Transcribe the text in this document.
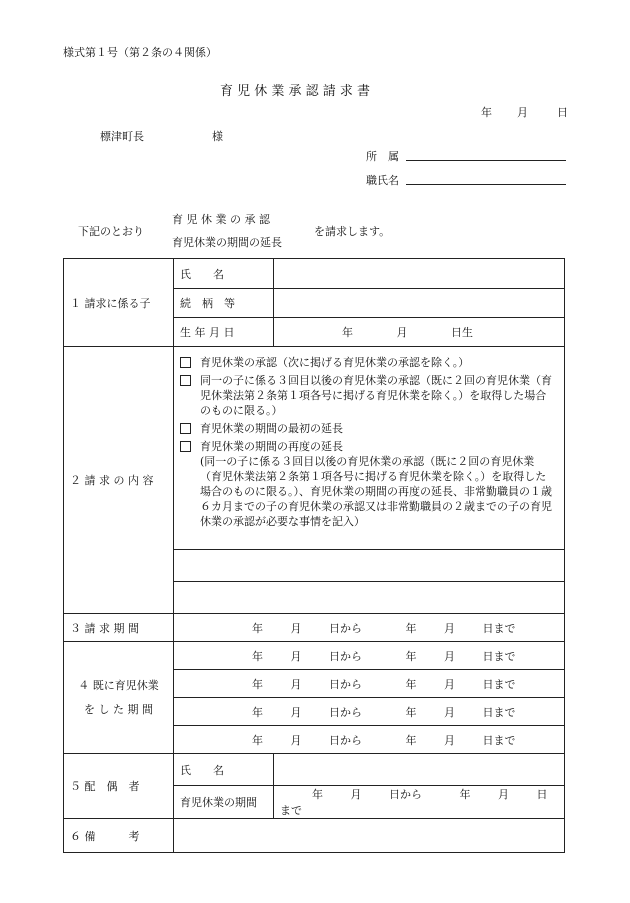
様式第１号（第２条の４関係）
育 児 休 業 承 認 請 求 書
年 月	日
標津町長	様
所　属
職氏名
下記のとおり
育 児 休 業 の 承 認
育児休業の期間の延長
を請求します。
１ 請求に係る子	氏　　名	
	続　柄　等	
	生 年 月 日	年 月 日生
２ 請 求 の 内 容	育児休業の承認（次に掲げる育児休業の承認を除く。）
同一の子に係る３回目以後の育児休業の承認（既に２回の育児休業（育児休業法第２条第１項各号に掲げる育児休業を除く。）を取得した場合のものに限る。）
育児休業の期間の最初の延長
育児休業の期間の再度の延長
(同一の子に係る３回目以後の育児休業の承認（既に２回の育児休業（育児休業法第２条第１項各号に掲げる育児休業を除く。）を取得した場合のものに限る。）、育児休業の期間の再度の延長、非常勤職員の１歳６カ月までの子の育児休業の承認又は非常勤職員の２歳までの子の育児休業の承認が必要な事情を記入）	

３ 請 求 期 間	年 月 日から 年 月 日まで	

４ 既に育児休業
を し た 期 間	年 月 日から 年 月 日まで	
	年 月 日から 年 月 日まで	
	年 月 日から 年 月 日まで	
	年 月 日から 年 月 日まで	
５ 配　偶　者	氏　　名	
	育児休業の期間	年 月 日から 年 月 日まで
６ 備　　　考		
